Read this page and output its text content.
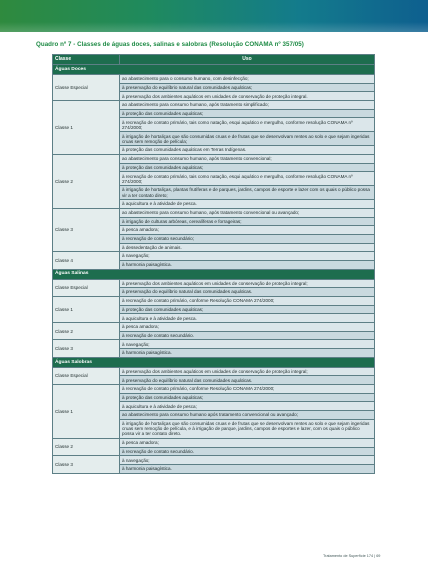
Quadro nº 7 - Classes de águas doces, salinas e salobras (Resolução CONAMA nº 357/05)
Classe	Uso
Águas Doces	
Classe Especial	ao abastecimento para o consumo humano, com desinfecção;
	à preservação do equilíbrio natural das comunidades aquáticas;
	à preservação dos ambientes aquáticos em unidades de conservação de proteção integral.
Classe 1	ao abastecimento para consumo humano, após tratamento simplificado;
	à proteção das comunidades aquáticas;
	à recreação de contato primário, tais como natação, esqui aquático e mergulho, conforme resolução CONAMA nº 274/2000;
	à irrigação de hortaliças que são consumidas cruas e de frutas que se desenvolvam rentes ao solo e que sejam ingeridas cruas sem remoção de película;
	à proteção das comunidades aquáticas em Terras Indígenas.
Classe 2	ao abastecimento para consumo humano, após tratamento convencional;
	à proteção das comunidades aquáticas;
	à recreação de contato primário, tais como natação, esqui aquático e mergulho, conforme resolução CONAMA nº 274/2000;
	à irrigação de hortaliças, plantas frutíferas e de parques, jardins, campos de esporte e lazer com os quais o público possa vir a ter contato direto;
	à aquicultura e à atividade de pesca.
Classe 3	ao abastecimento para consumo humano, após tratamento convencional ou avançado;
	à irrigação de culturas arbóreas, cerealíferas e forrageiras;
	à pesca amadora;
	à recreação de contato secundário;
	à dessedentação de animais.
Classe 4	à navegação;
	à harmonia paisagística.
Águas Salinas	
Classe Especial	à preservação dos ambientes aquáticos em unidades de conservação de proteção integral;
	à preservação do equilíbrio natural das comunidades aquáticas.
Classe 1	à recreação de contato primário, conforme Resolução CONAMA 274/2000;
	à proteção das comunidades aquáticas;
	à aquicultura e à atividade de pesca.
Classe 2	à pesca amadora;
	à recreação de contato secundário.
Classe 3	à navegação;
	à harmonia paisagística.
Águas Salobras	
Classe Especial	à preservação dos ambientes aquáticos em unidades de conservação de proteção integral;
	à preservação do equilíbrio natural das comunidades aquáticas.
Classe 1	à recreação de contato primário, conforme Resolução CONAMA 274/2000;
	à proteção das comunidades aquáticas;
	à aquicultura e à atividade de pesca;
	ao abastecimento para consumo humano após tratamento convencional ou avançado;
	à irrigação de hortaliças que são consumidas cruas e de frutas que se desenvolvam rentes ao solo e que sejam ingeridas cruas sem remoção de película, e à irrigação de parque, jardins, campos de esportes e lazer, com os quais o público possa vir a ter contato direto.
Classe 2	à pesca amadora;
	à recreação de contato secundário.
Classe 3	à navegação;
	à harmonia paisagística.
Tratamento de Superfície 174 | 69
